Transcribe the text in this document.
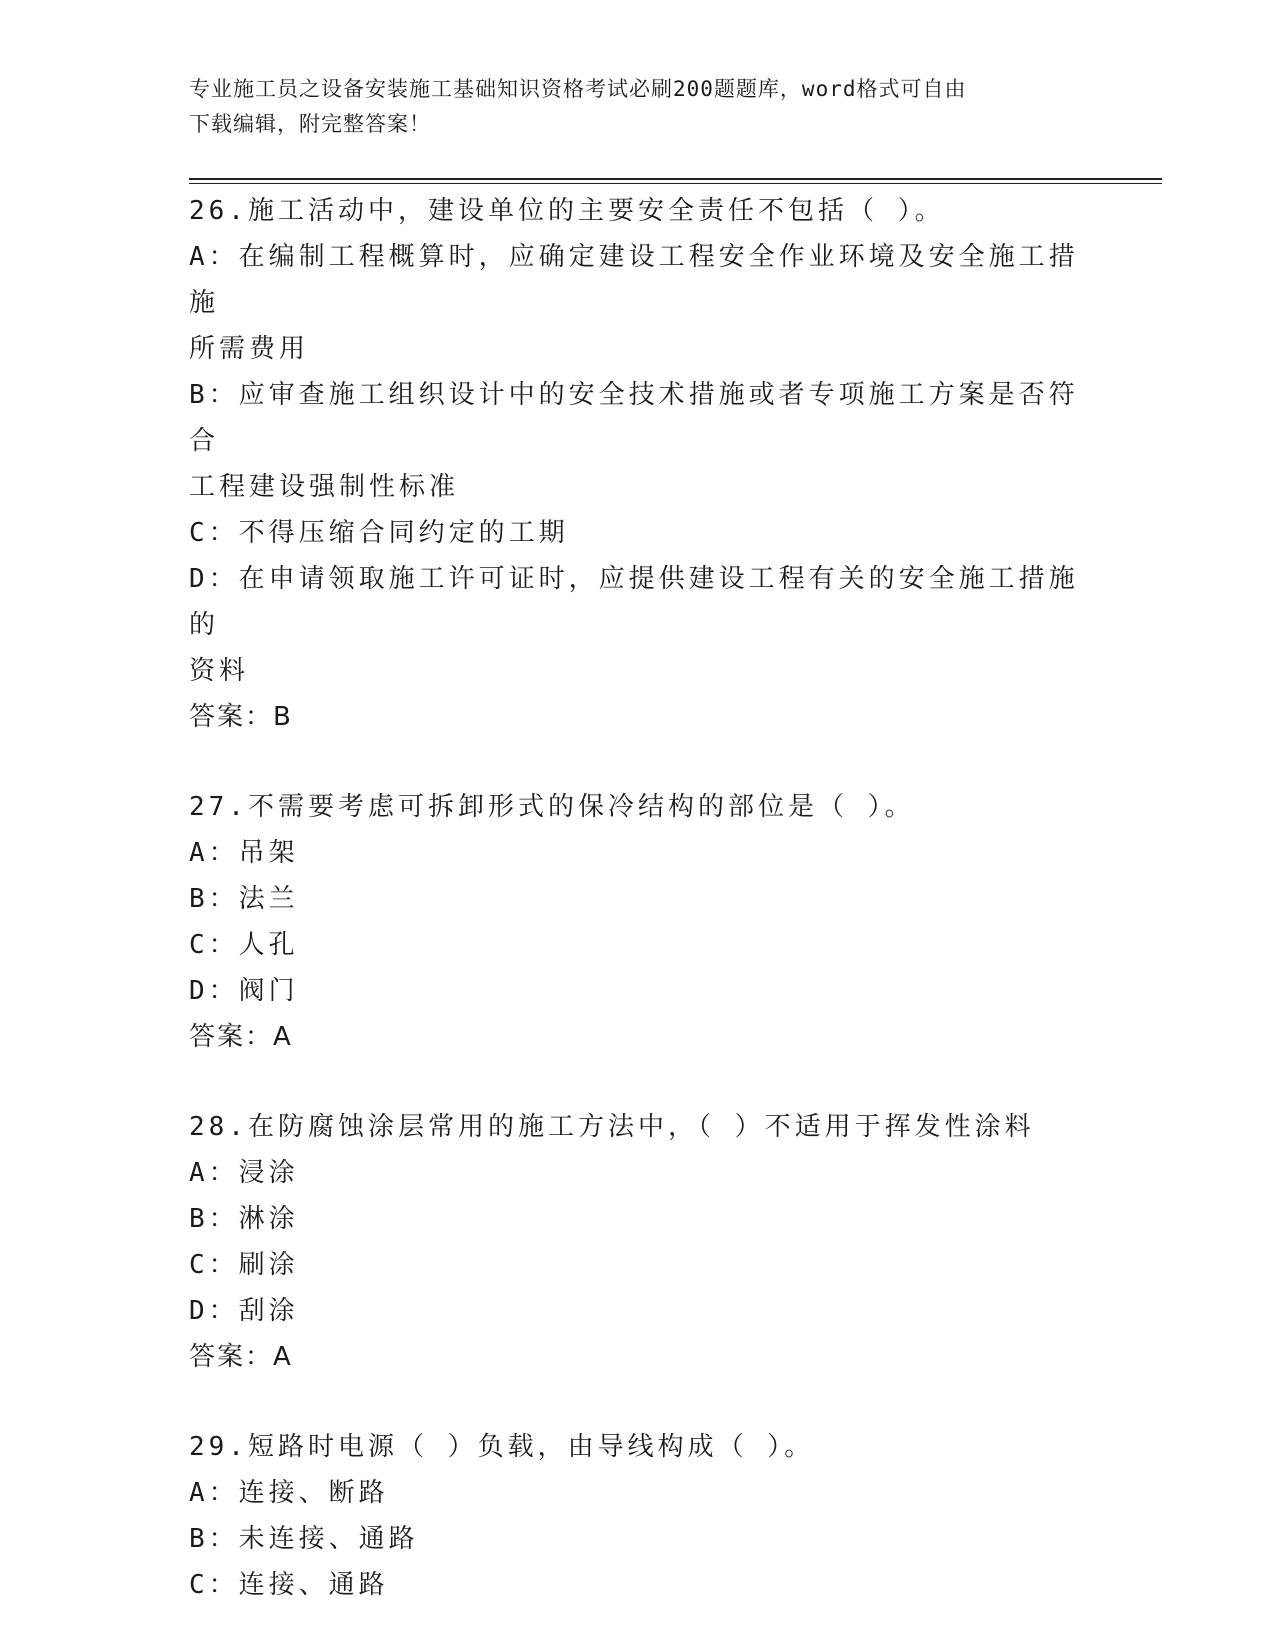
专业施工员之设备安装施工基础知识资格考试必刷200题题库，word格式可自由
下载编辑，附完整答案！
26.施工活动中，建设单位的主要安全责任不包括（ ）。
A：在编制工程概算时，应确定建设工程安全作业环境及安全施工措施
所需费用
B：应审查施工组织设计中的安全技术措施或者专项施工方案是否符合
工程建设强制性标准
C：不得压缩合同约定的工期
D：在申请领取施工许可证时，应提供建设工程有关的安全施工措施的
资料
答案：B
27.不需要考虑可拆卸形式的保冷结构的部位是（ ）。
A：吊架
B：法兰
C：人孔
D：阀门
答案：A
28.在防腐蚀涂层常用的施工方法中，（ ）不适用于挥发性涂料
A：浸涂
B：淋涂
C：刷涂
D：刮涂
答案：A
29.短路时电源（ ）负载，由导线构成（ ）。
A：连接、断路
B：未连接、通路
C：连接、通路
